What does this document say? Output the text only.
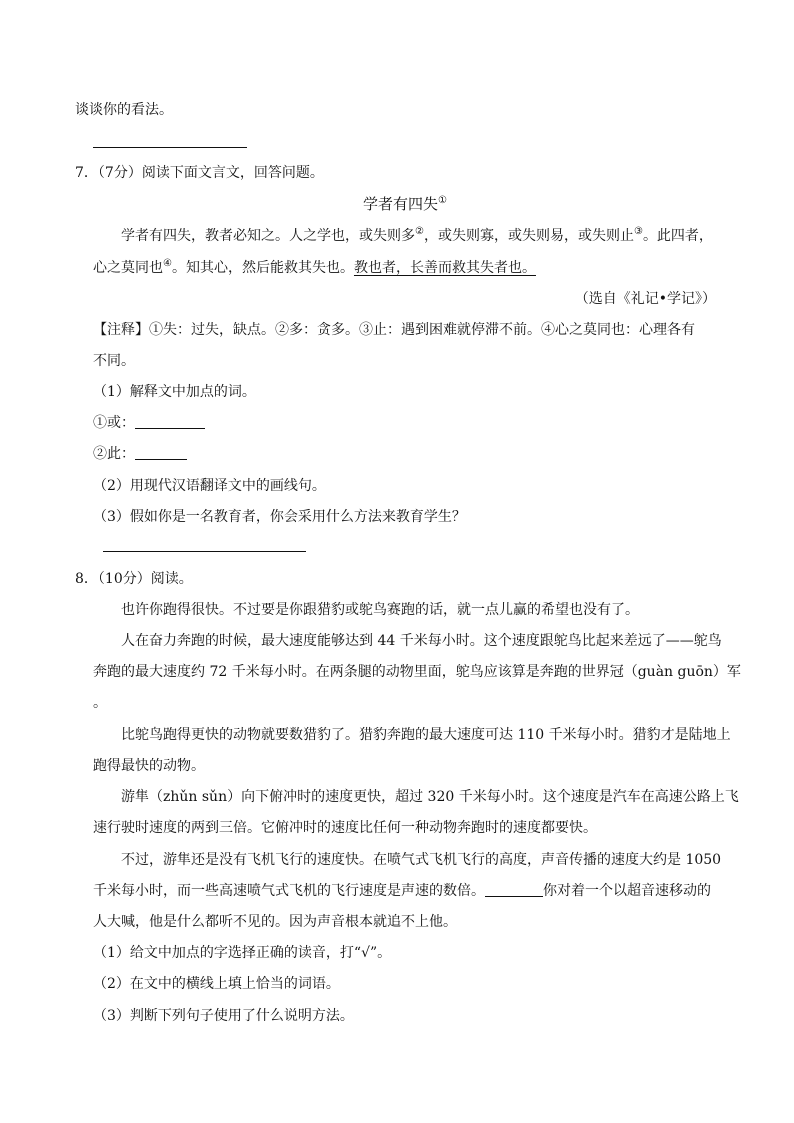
谈谈你的看法。
7．（7分）阅读下面文言文，回答问题。
学者有四失①
学者有四失，教者必知之。人之学也，或失则多②，或失则寡，或失则易，或失则止③。此四者，
心之莫同也④。知其心，然后能救其失也。教也者，长善而救其失者也。
（选自《礼记•学记》）
【注释】①失：过失，缺点。②多：贪多。③止：遇到困难就停滞不前。④心之莫同也：心理各有
不同。
（1）解释文中加点的词。
①或：
②此：
（2）用现代汉语翻译文中的画线句。
（3）假如你是一名教育者，你会采用什么方法来教育学生？
8．（10分）阅读。
也许你跑得很快。不过要是你跟猎豹或鸵鸟赛跑的话，就一点儿赢的希望也没有了。
人在奋力奔跑的时候，最大速度能够达到 44 千米每小时。这个速度跟鸵鸟比起来差远了——鸵鸟
奔跑的最大速度约 72 千米每小时。在两条腿的动物里面，鸵鸟应该算是奔跑的世界冠（guàn guōn）军
。
比鸵鸟跑得更快的动物就要数猎豹了。猎豹奔跑的最大速度可达 110 千米每小时。猎豹才是陆地上
跑得最快的动物。
游隼（zhǔn sǔn）向下俯冲时的速度更快，超过 320 千米每小时。这个速度是汽车在高速公路上飞
速行驶时速度的两到三倍。它俯冲时的速度比任何一种动物奔跑时的速度都要快。
不过，游隼还是没有飞机飞行的速度快。在喷气式飞机飞行的高度，声音传播的速度大约是 1050
千米每小时，而一些高速喷气式飞机的飞行速度是声速的数倍。	你对着一个以超音速移动的
人大喊，他是什么都听不见的。因为声音根本就追不上他。
（1）给文中加点的字选择正确的读音，打“√”。
（2）在文中的横线上填上恰当的词语。
（3）判断下列句子使用了什么说明方法。
